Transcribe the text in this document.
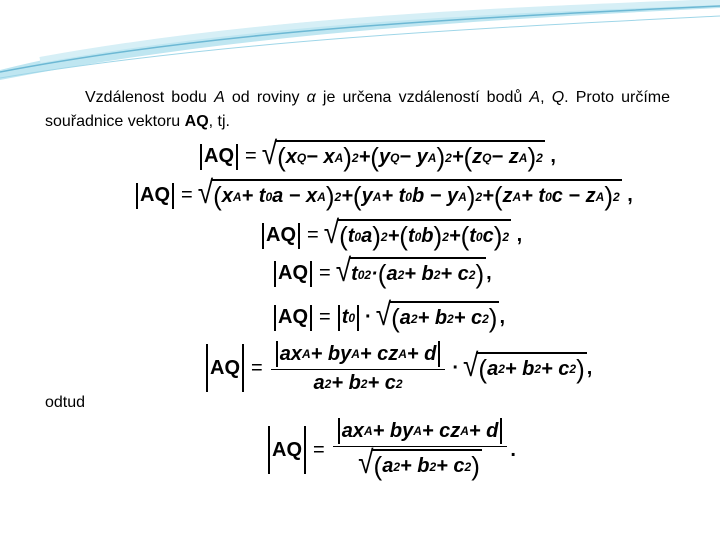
Vzdálenost bodu A od roviny α je určena vzdáleností bodů A, Q. Proto určíme souřadnice vektoru AQ, tj.
AQ = √ ( x Q − x A ) 2 + ( y Q − y A ) 2 + ( z Q − z A ) 2 ,
AQ = √ ( x A + t 0 a − x A ) 2 + ( y A + t 0 b − y A ) 2 + ( z A + t 0 c − z A ) 2 ,
AQ = √ ( t 0 a ) 2 + ( t 0 b ) 2 + ( t 0 c ) 2 ,
AQ = √ t 0 2 · ( a 2 + b 2 + c 2 ) ,
AQ = t 0 · √ ( a 2 + b 2 + c 2 ) ,
AQ = $\frac{\text{ax A + by A + cz A + d}}{a 2 + b 2 + c 2}$ · √ ( a 2 + b 2 + c 2 ) ,
odtud
AQ = $\frac{\text{ax A + by A + cz A + d}}{√ ( a 2 + b 2 + c 2 )}$ .
